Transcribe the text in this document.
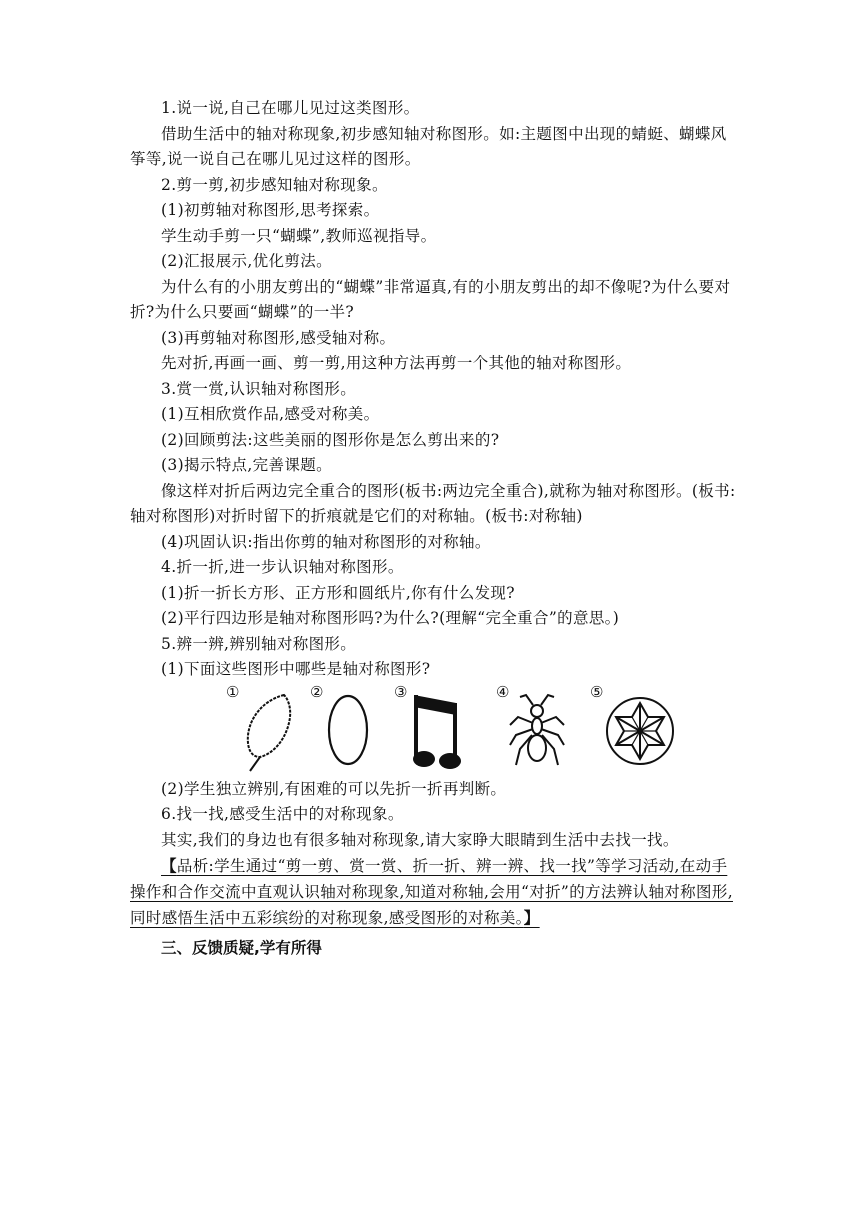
1.说一说,自己在哪儿见过这类图形。

借助生活中的轴对称现象,初步感知轴对称图形。如:主题图中出现的蜻蜓、蝴蝶风筝等,说一说自己在哪儿见过这样的图形。

2.剪一剪,初步感知轴对称现象。

(1)初剪轴对称图形,思考探索。

学生动手剪一只“蝴蝶”,教师巡视指导。

(2)汇报展示,优化剪法。

为什么有的小朋友剪出的“蝴蝶”非常逼真,有的小朋友剪出的却不像呢?为什么要对折?为什么只要画“蝴蝶”的一半?

(3)再剪轴对称图形,感受轴对称。

先对折,再画一画、剪一剪,用这种方法再剪一个其他的轴对称图形。

3.赏一赏,认识轴对称图形。

(1)互相欣赏作品,感受对称美。

(2)回顾剪法:这些美丽的图形你是怎么剪出来的?

(3)揭示特点,完善课题。

像这样对折后两边完全重合的图形(板书:两边完全重合),就称为轴对称图形。(板书:轴对称图形)对折时留下的折痕就是它们的对称轴。(板书:对称轴)

(4)巩固认识:指出你剪的轴对称图形的对称轴。

4.折一折,进一步认识轴对称图形。

(1)折一折长方形、正方形和圆纸片,你有什么发现?

(2)平行四边形是轴对称图形吗?为什么?(理解“完全重合”的意思。)

5.辨一辨,辨别轴对称图形。

(1)下面这些图形中哪些是轴对称图形?

①	②	③	④	⑤

(2)学生独立辨别,有困难的可以先折一折再判断。

6.找一找,感受生活中的对称现象。

其实,我们的身边也有很多轴对称现象,请大家睁大眼睛到生活中去找一找。

【品析:学生通过“剪一剪、赏一赏、折一折、辨一辨、找一找”等学习活动,在动手操作和合作交流中直观认识轴对称现象,知道对称轴,会用“对折”的方法辨认轴对称图形,同时感悟生活中五彩缤纷的对称现象,感受图形的对称美。】

三、反馈质疑,学有所得
